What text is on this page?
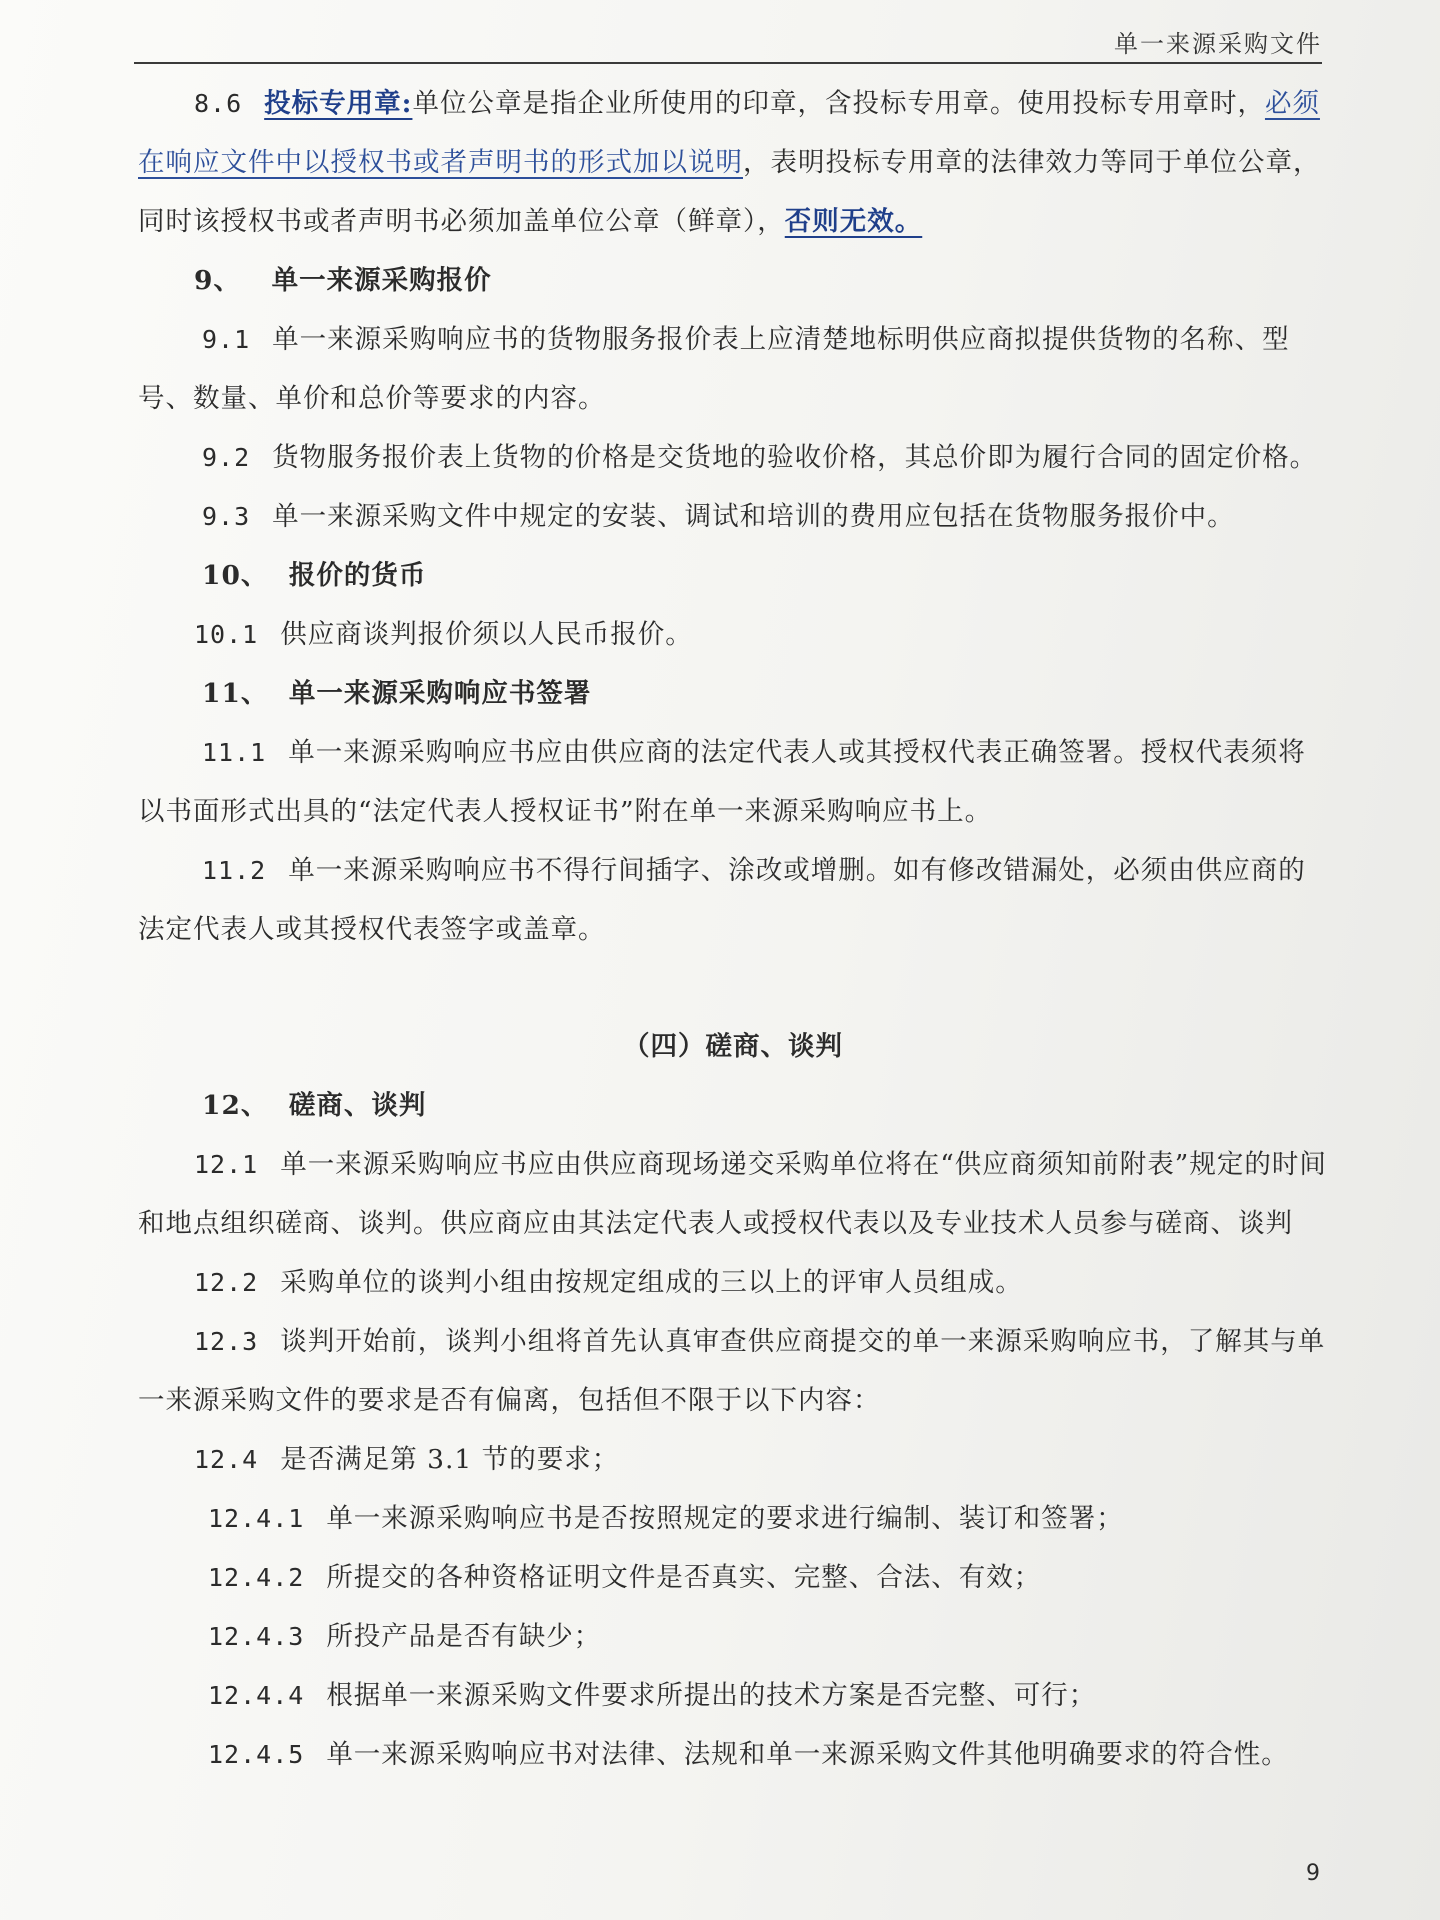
单一来源采购文件

8.6 投标专用章:单位公章是指企业所使用的印章，含投标专用章。使用投标专用章时，必须在响应文件中以授权书或者声明书的形式加以说明，表明投标专用章的法律效力等同于单位公章，同时该授权书或者声明书必须加盖单位公章（鲜章），否则无效。

9、 单一来源采购报价

9.1 单一来源采购响应书的货物服务报价表上应清楚地标明供应商拟提供货物的名称、型号、数量、单价和总价等要求的内容。

9.2 货物服务报价表上货物的价格是交货地的验收价格，其总价即为履行合同的固定价格。

9.3 单一来源采购文件中规定的安装、调试和培训的费用应包括在货物服务报价中。

10、 报价的货币

10.1 供应商谈判报价须以人民币报价。

11、 单一来源采购响应书签署

11.1 单一来源采购响应书应由供应商的法定代表人或其授权代表正确签署。授权代表须将以书面形式出具的“法定代表人授权证书”附在单一来源采购响应书上。

11.2 单一来源采购响应书不得行间插字、涂改或增删。如有修改错漏处，必须由供应商的法定代表人或其授权代表签字或盖章。

（四）磋商、谈判

12、 磋商、谈判

12.1 单一来源采购响应书应由供应商现场递交采购单位将在“供应商须知前附表”规定的时间和地点组织磋商、谈判。供应商应由其法定代表人或授权代表以及专业技术人员参与磋商、谈判

12.2 采购单位的谈判小组由按规定组成的三以上的评审人员组成。

12.3 谈判开始前，谈判小组将首先认真审查供应商提交的单一来源采购响应书，了解其与单一来源采购文件的要求是否有偏离，包括但不限于以下内容：

12.4 是否满足第 3.1 节的要求；

12.4.1 单一来源采购响应书是否按照规定的要求进行编制、装订和签署；

12.4.2 所提交的各种资格证明文件是否真实、完整、合法、有效；

12.4.3 所投产品是否有缺少；

12.4.4 根据单一来源采购文件要求所提出的技术方案是否完整、可行；

12.4.5 单一来源采购响应书对法律、法规和单一来源采购文件其他明确要求的符合性。

9
